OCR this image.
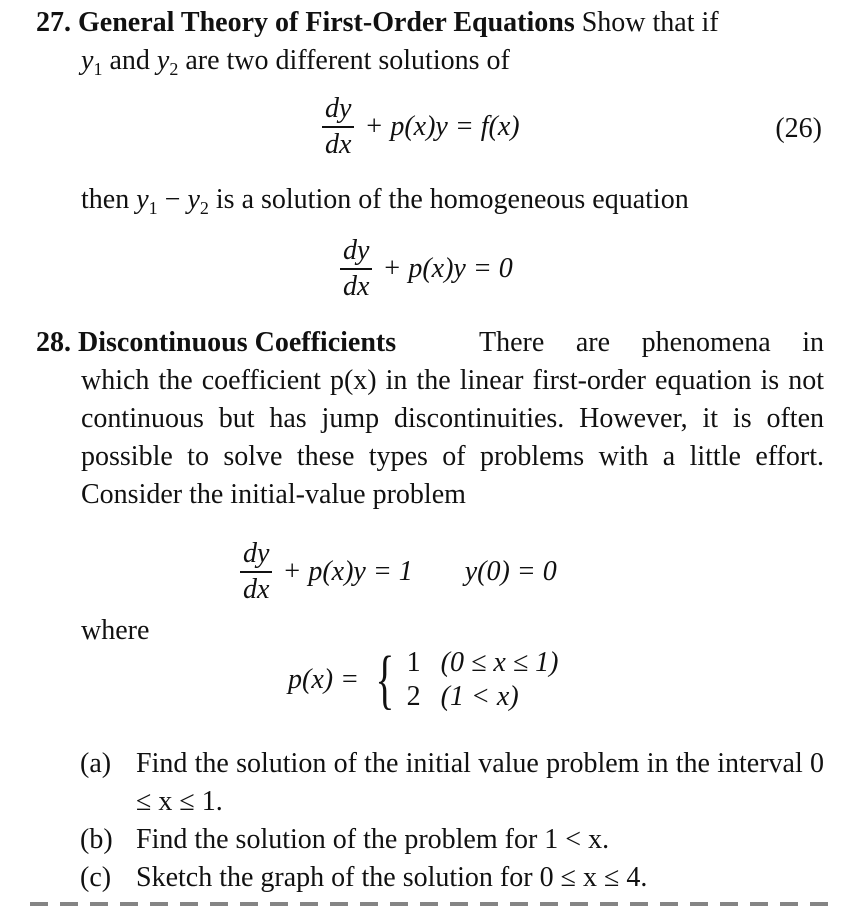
27. General Theory of First-Order Equations Show that if
$y_1$ and $y_2$ are two different solutions of
$\frac{dy}{dx} + p(x)y = f(x)$	(26)
then $y_1 - y_2$ is a solution of the homogeneous equation
$\frac{dy}{dx} + p(x)y = 0$
28. Discontinuous Coefficients	There are phenomena in which the coefficient p(x) in the linear first-order equation is not continuous but has jump discontinuities. However, it is often possible to solve these types of problems with a little effort. Consider the initial-value problem
$\frac{dy}{dx} + p(x)y = 1$ y(0) = 0
where
p(x) = { 1 (0 ≤ x ≤ 1)
2 (1 < x)
(a) Find the solution of the initial value problem in the interval 0 ≤ x ≤ 1.
(b) Find the solution of the problem for 1 < x.
(c) Sketch the graph of the solution for 0 ≤ x ≤ 4.
